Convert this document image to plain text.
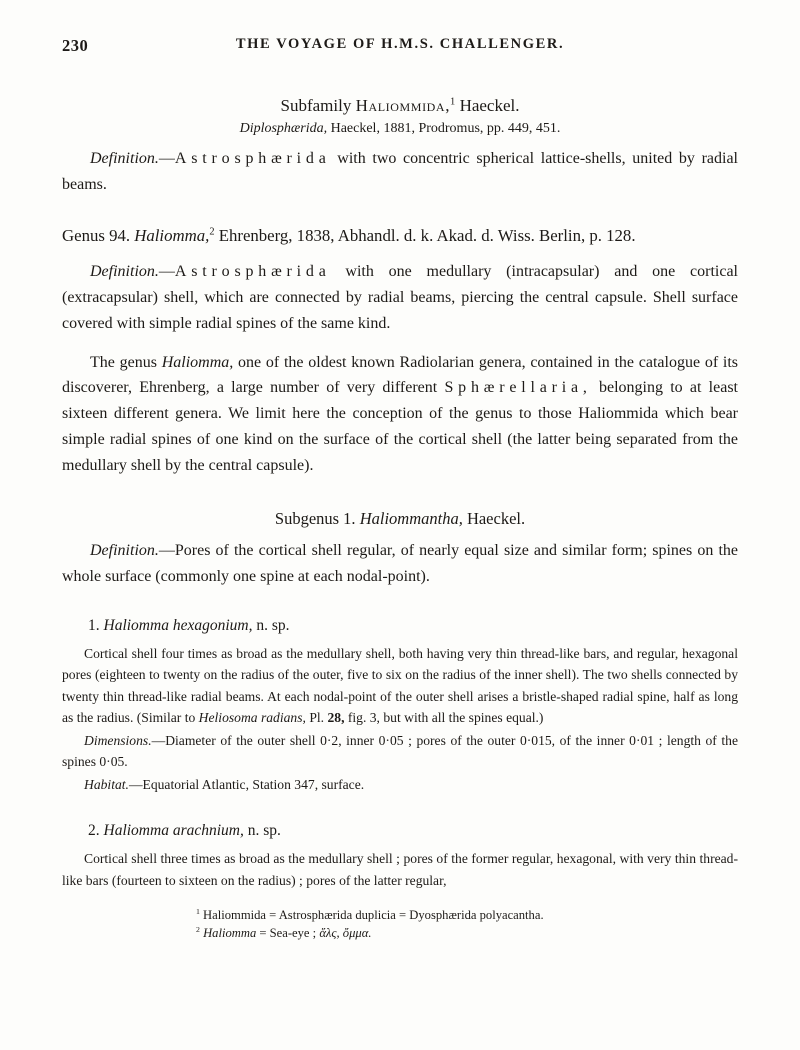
230	THE VOYAGE OF H.M.S. CHALLENGER.

Subfamily Haliommida,$^1$ Haeckel.

Diplosphærida, Haeckel, 1881, Prodromus, pp. 449, 451.

Definition.—Astrosphærida with two concentric spherical lattice-shells, united by radial beams.

Genus 94. Haliomma,$^2$ Ehrenberg, 1838, Abhandl. d. k. Akad. d. Wiss. Berlin, p. 128.

Definition.—Astrosphærida with one medullary (intracapsular) and one cortical (extracapsular) shell, which are connected by radial beams, piercing the central capsule. Shell surface covered with simple radial spines of the same kind.

The genus Haliomma, one of the oldest known Radiolarian genera, contained in the catalogue of its discoverer, Ehrenberg, a large number of very different Sphærellaria, belonging to at least sixteen different genera. We limit here the conception of the genus to those Haliommida which bear simple radial spines of one kind on the surface of the cortical shell (the latter being separated from the medullary shell by the central capsule).

Subgenus 1. Haliommantha, Haeckel.

Definition.—Pores of the cortical shell regular, of nearly equal size and similar form; spines on the whole surface (commonly one spine at each nodal-point).

1. Haliomma hexagonium, n. sp.

Cortical shell four times as broad as the medullary shell, both having very thin thread-like bars, and regular, hexagonal pores (eighteen to twenty on the radius of the outer, five to six on the radius of the inner shell). The two shells connected by twenty thin thread-like radial beams. At each nodal-point of the outer shell arises a bristle-shaped radial spine, half as long as the radius. (Similar to Heliosoma radians, Pl. 28, fig. 3, but with all the spines equal.)

Dimensions.—Diameter of the outer shell 0·2, inner 0·05 ; pores of the outer 0·015, of the inner 0·01 ; length of the spines 0·05.

Habitat.—Equatorial Atlantic, Station 347, surface.

2. Haliomma arachnium, n. sp.

Cortical shell three times as broad as the medullary shell ; pores of the former regular, hexagonal, with very thin thread-like bars (fourteen to sixteen on the radius) ; pores of the latter regular,

$^1$ Haliommida = Astrosphærida duplicia = Dyosphærida polyacantha.

$^2$ Haliomma = Sea-eye ; ἅλς, ὄμμα.
